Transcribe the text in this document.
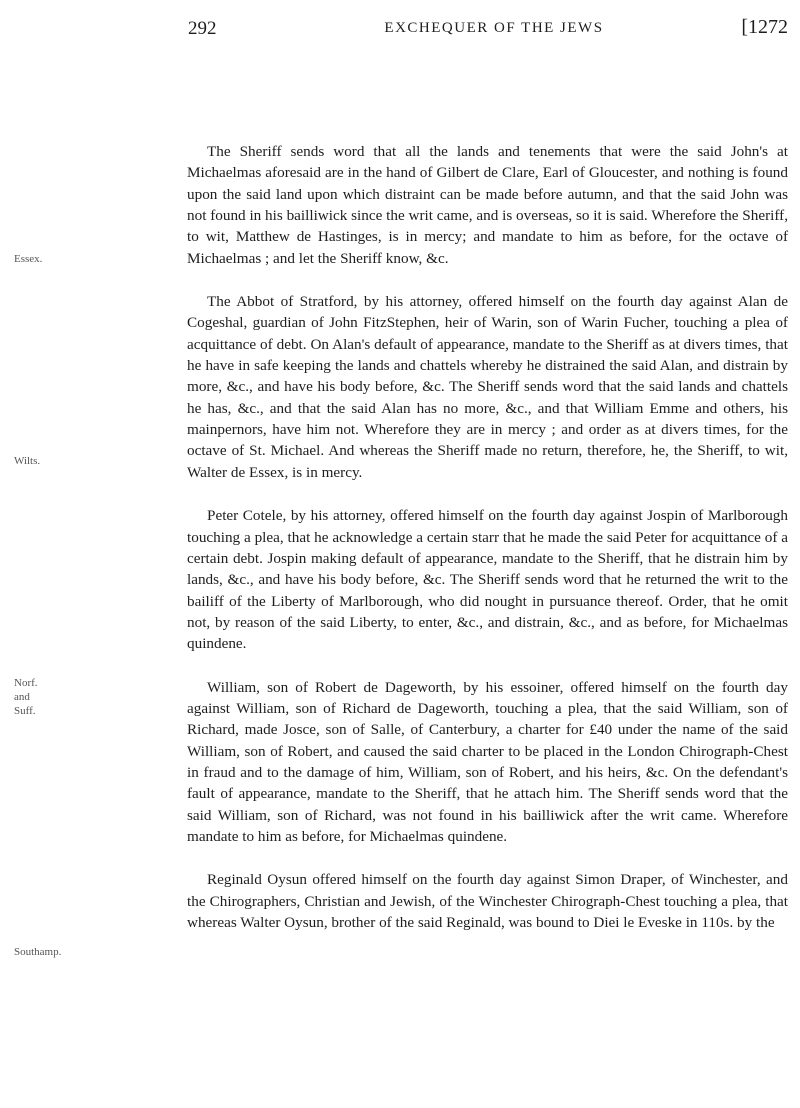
292	EXCHEQUER OF THE JEWS	[1272
Essex.
Wilts.
Norf. and Suff.
Southamp.

The Sheriff sends word that all the lands and tenements that were the said John's at Michaelmas aforesaid are in the hand of Gilbert de Clare, Earl of Gloucester, and nothing is found upon the said land upon which distraint can be made before autumn, and that the said John was not found in his bailliwick since the writ came, and is overseas, so it is said. Wherefore the Sheriff, to wit, Matthew de Hastinges, is in mercy; and mandate to him as before, for the octave of Michaelmas ; and let the Sheriff know, &c.

The Abbot of Stratford, by his attorney, offered himself on the fourth day against Alan de Cogeshal, guardian of John FitzStephen, heir of Warin, son of Warin Fucher, touching a plea of acquittance of debt. On Alan's default of appearance, mandate to the Sheriff as at divers times, that he have in safe keeping the lands and chattels whereby he distrained the said Alan, and distrain by more, &c., and have his body before, &c. The Sheriff sends word that the said lands and chattels he has, &c., and that the said Alan has no more, &c., and that William Emme and others, his mainpernors, have him not. Wherefore they are in mercy ; and order as at divers times, for the octave of St. Michael. And whereas the Sheriff made no return, therefore, he, the Sheriff, to wit, Walter de Essex, is in mercy.

Peter Cotele, by his attorney, offered himself on the fourth day against Jospin of Marlborough touching a plea, that he acknowledge a certain starr that he made the said Peter for acquittance of a certain debt. Jospin making default of appearance, mandate to the Sheriff, that he distrain him by lands, &c., and have his body before, &c. The Sheriff sends word that he returned the writ to the bailiff of the Liberty of Marlborough, who did nought in pursuance thereof. Order, that he omit not, by reason of the said Liberty, to enter, &c., and distrain, &c., and as before, for Michaelmas quindene.

William, son of Robert de Dageworth, by his essoiner, offered himself on the fourth day against William, son of Richard de Dageworth, touching a plea, that the said William, son of Richard, made Josce, son of Salle, of Canterbury, a charter for £40 under the name of the said William, son of Robert, and caused the said charter to be placed in the London Chirograph-Chest in fraud and to the damage of him, William, son of Robert, and his heirs, &c. On the defendant's fault of appearance, mandate to the Sheriff, that he attach him. The Sheriff sends word that the said William, son of Richard, was not found in his bailliwick after the writ came. Wherefore mandate to him as before, for Michaelmas quindene.

Reginald Oysun offered himself on the fourth day against Simon Draper, of Winchester, and the Chirographers, Christian and Jewish, of the Winchester Chirograph-Chest touching a plea, that whereas Walter Oysun, brother of the said Reginald, was bound to Diei le Eveske in 110s. by the
